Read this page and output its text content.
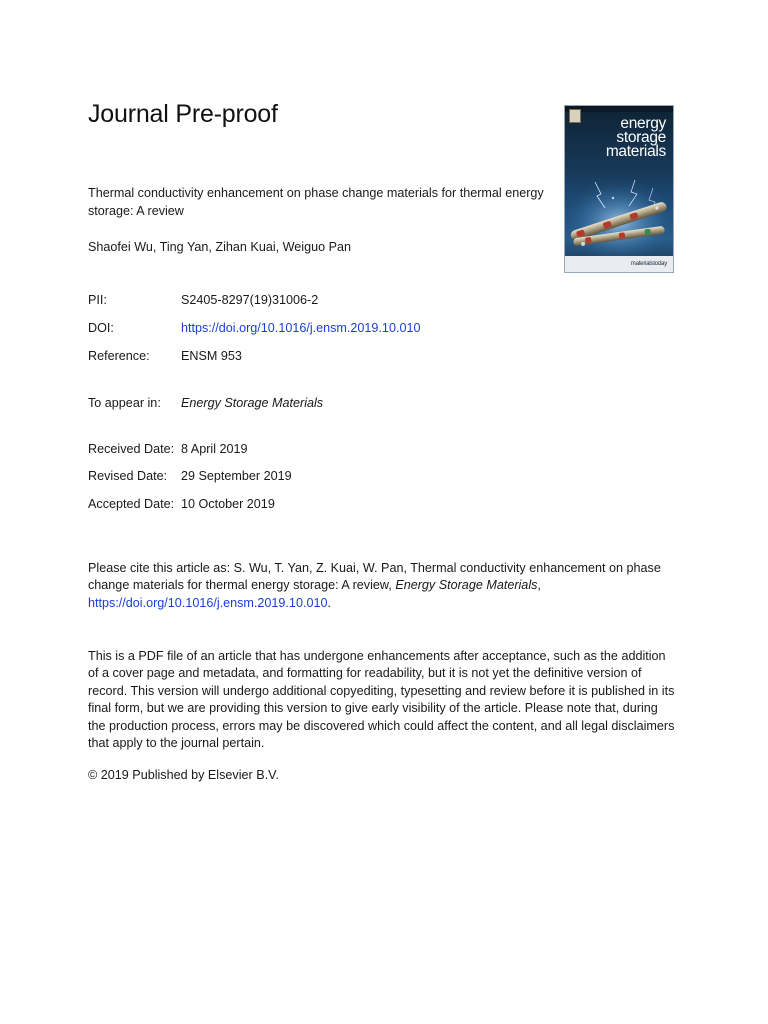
Journal Pre-proof
Thermal conductivity enhancement on phase change materials for thermal energy storage: A review
Shaofei Wu, Ting Yan, Zihan Kuai, Weiguo Pan
PII:	S2405-8297(19)31006-2
DOI:	https://doi.org/10.1016/j.ensm.2019.10.010
Reference:	ENSM 953
To appear in:	Energy Storage Materials
Received Date: 8 April 2019
Revised Date:	29 September 2019
Accepted Date: 10 October 2019
Please cite this article as: S. Wu, T. Yan, Z. Kuai, W. Pan, Thermal conductivity enhancement on phase change materials for thermal energy storage: A review, Energy Storage Materials, https://doi.org/10.1016/j.ensm.2019.10.010.
This is a PDF file of an article that has undergone enhancements after acceptance, such as the addition of a cover page and metadata, and formatting for readability, but it is not yet the definitive version of record. This version will undergo additional copyediting, typesetting and review before it is published in its final form, but we are providing this version to give early visibility of the article. Please note that, during the production process, errors may be discovered which could affect the content, and all legal disclaimers that apply to the journal pertain.
© 2019 Published by Elsevier B.V.
energy
storage
materials
materialstoday
